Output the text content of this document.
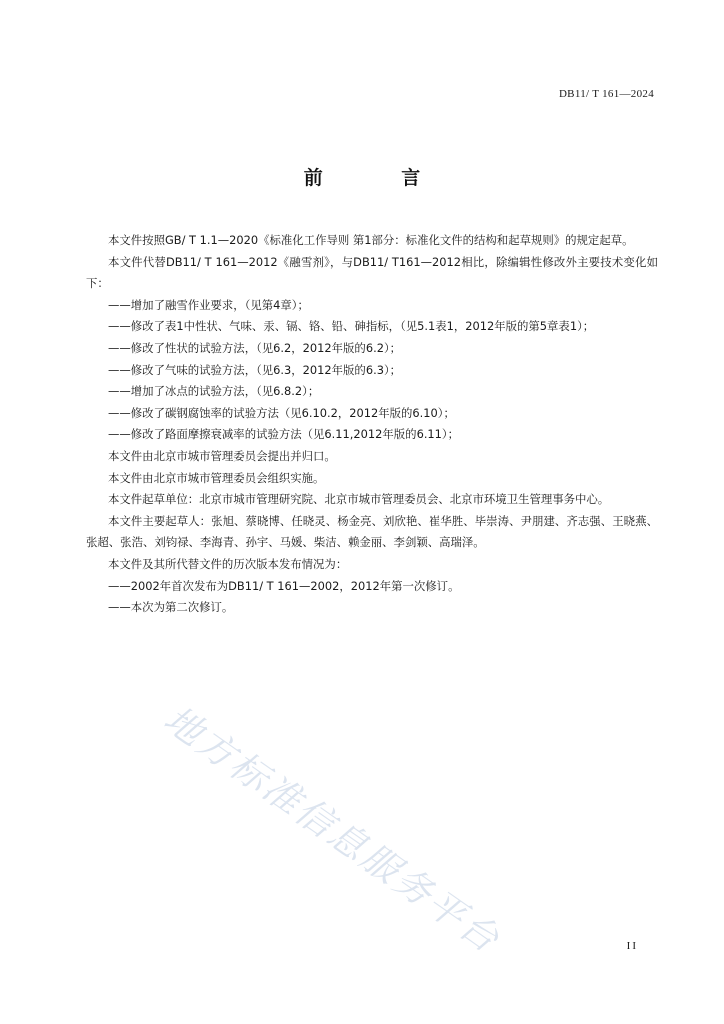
DB11/ T 161—2024
前 言

本文件按照GB/ T 1.1—2020《标准化工作导则 第1部分：标准化文件的结构和起草规则》的规定起草。

本文件代替DB11/ T 161—2012《融雪剂》，与DB11/ T161—2012相比，除编辑性修改外主要技术变化如下：

——增加了融雪作业要求，（见第4章）；

——修改了表1中性状、气味、汞、镉、铬、铅、砷指标，（见5.1表1，2012年版的第5章表1）；

——修改了性状的试验方法，（见6.2，2012年版的6.2）；

——修改了气味的试验方法，（见6.3，2012年版的6.3）；

——增加了冰点的试验方法，（见6.8.2）；

——修改了碳钢腐蚀率的试验方法（见6.10.2，2012年版的6.10）；

——修改了路面摩擦衰减率的试验方法（见6.11,2012年版的6.11）；

本文件由北京市城市管理委员会提出并归口。

本文件由北京市城市管理委员会组织实施。

本文件起草单位：北京市城市管理研究院、北京市城市管理委员会、北京市环境卫生管理事务中心。

本文件主要起草人：张旭、蔡晓博、任晓灵、杨金亮、刘欣艳、崔华胜、毕崇涛、尹朋建、齐志强、王晓燕、张超、张浩、刘钧禄、李海青、孙宇、马媛、柴洁、赖金丽、李剑颖、高瑞泽。

本文件及其所代替文件的历次版本发布情况为：

——2002年首次发布为DB11/ T 161—2002，2012年第一次修订。

——本次为第二次修订。

地方标准信息服务平台	II
